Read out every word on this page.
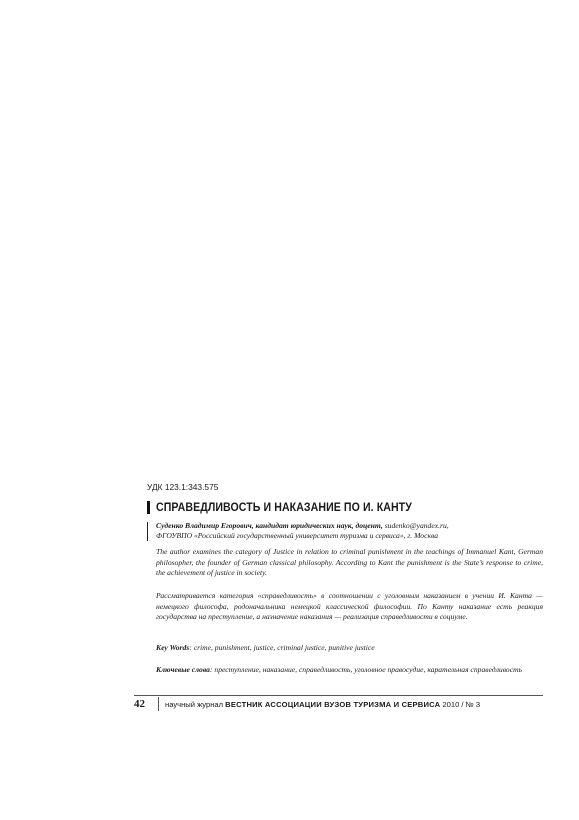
УДК 123.1:343.575
СПРАВЕДЛИВОСТЬ И НАКАЗАНИЕ ПО И. КАНТУ
Суденко Владимир Егорович, кандидат юридических наук, доцент, sudenko@yandex.ru,
ФГОУВПО «Российский государственный университет туризма и сервиса», г. Москва
The author examines the category of Justice in relation to criminal punishment in the teachings of Immanuel Kant, German philosopher, the founder of German classical philosophy. According to Kant the punishment is the State’s response to crime, the achievement of justice in society.
Рассматривается категория «справедливость» в соотношении с уголовным наказанием в учении И. Канта — немецкого философа, родоначальника немецкой классической философии. По Канту наказание есть реакция государства на преступление, а назначение наказания — реализация справедливости в социуме.
Key Words: crime, punishment, justice, criminal justice, punitive justice
Ключевые слова: преступление, наказание, справедливость, уголовное правосудие, карательная справедливость
42	научный журнал ВЕСТНИК АССОЦИАЦИИ ВУЗОВ ТУРИЗМА И СЕРВИСА 2010 / № 3
